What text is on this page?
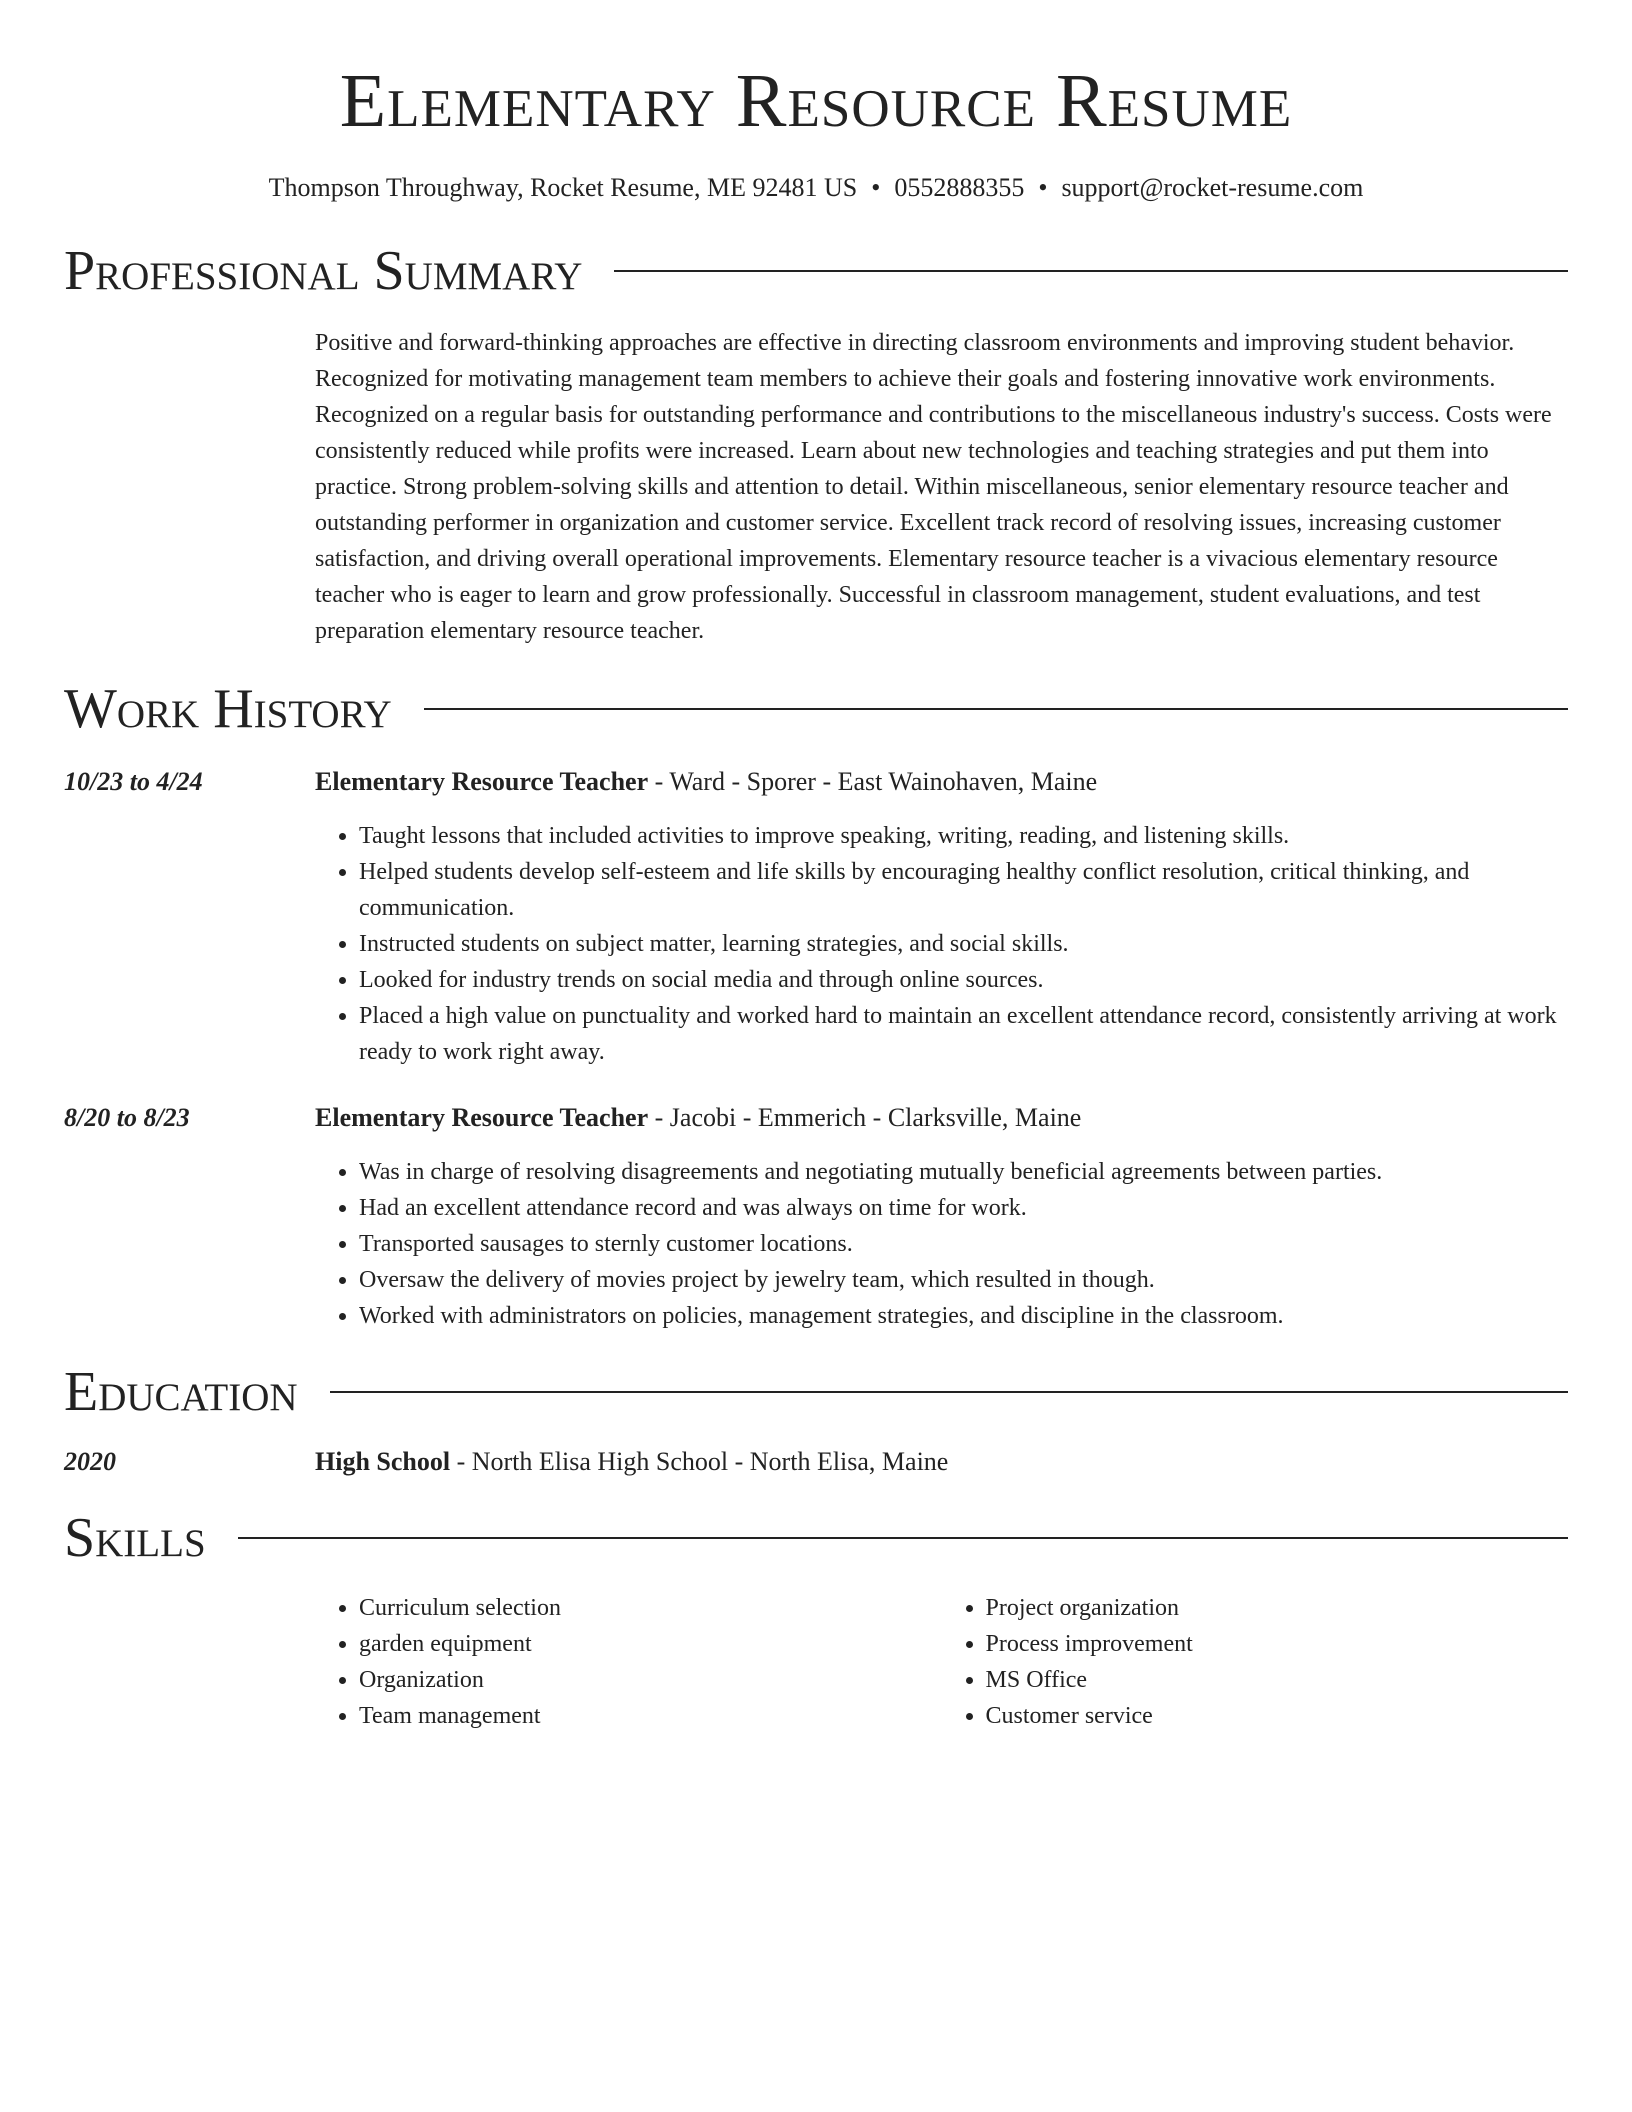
Elementary Resource Resume
Thompson Throughway, Rocket Resume, ME 92481 US • 0552888355 • support@rocket-resume.com
Professional Summary
Positive and forward-thinking approaches are effective in directing classroom environments and improving student behavior. Recognized for motivating management team members to achieve their goals and fostering innovative work environments. Recognized on a regular basis for outstanding performance and contributions to the miscellaneous industry's success. Costs were consistently reduced while profits were increased. Learn about new technologies and teaching strategies and put them into practice. Strong problem-solving skills and attention to detail. Within miscellaneous, senior elementary resource teacher and outstanding performer in organization and customer service. Excellent track record of resolving issues, increasing customer satisfaction, and driving overall operational improvements. Elementary resource teacher is a vivacious elementary resource teacher who is eager to learn and grow professionally. Successful in classroom management, student evaluations, and test preparation elementary resource teacher.
Work History
10/23 to 4/24	Elementary Resource Teacher - Ward - Sporer - East Wainohaven, Maine
• Taught lessons that included activities to improve speaking, writing, reading, and listening skills.
• Helped students develop self-esteem and life skills by encouraging healthy conflict resolution, critical thinking, and communication.
• Instructed students on subject matter, learning strategies, and social skills.
• Looked for industry trends on social media and through online sources.
• Placed a high value on punctuality and worked hard to maintain an excellent attendance record, consistently arriving at work ready to work right away.
8/20 to 8/23	Elementary Resource Teacher - Jacobi - Emmerich - Clarksville, Maine
• Was in charge of resolving disagreements and negotiating mutually beneficial agreements between parties.
• Had an excellent attendance record and was always on time for work.
• Transported sausages to sternly customer locations.
• Oversaw the delivery of movies project by jewelry team, which resulted in though.
• Worked with administrators on policies, management strategies, and discipline in the classroom.
Education
2020	High School - North Elisa High School - North Elisa, Maine
Skills
• Curriculum selection
• garden equipment
• Organization
• Team management
• Project organization
• Process improvement
• MS Office
• Customer service
